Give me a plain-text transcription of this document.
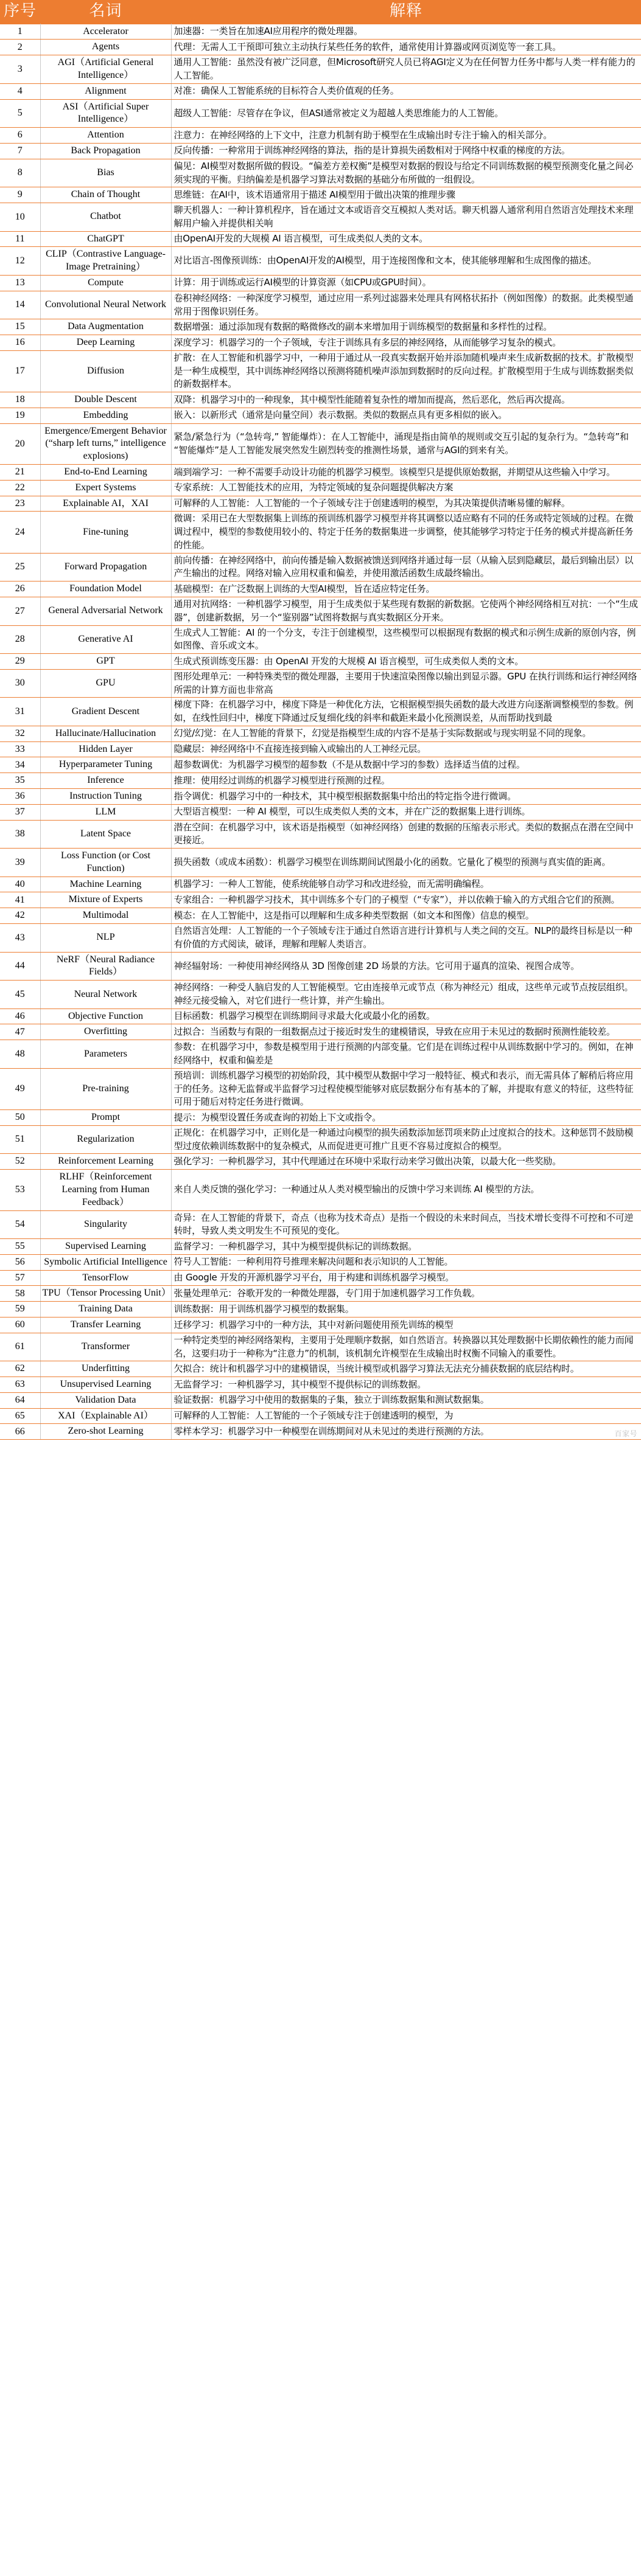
序号	名词	解释
1	Accelerator	加速器：一类旨在加速AI应用程序的微处理器。
2	Agents	代理：无需人工干预即可独立主动执行某些任务的软件，通常使用计算器或网页浏览等一套工具。
3	AGI（Artificial General Intelligence）	通用人工智能：虽然没有被广泛同意，但Microsoft研究人员已将AGI定义为在任何智力任务中都与人类一样有能力的人工智能。
4	Alignment	对准：确保人工智能系统的目标符合人类价值观的任务。
5	ASI（Artificial Super Intelligence）	超级人工智能：尽管存在争议，但ASI通常被定义为超越人类思维能力的人工智能。
6	Attention	注意力：在神经网络的上下文中，注意力机制有助于模型在生成输出时专注于输入的相关部分。
7	Back Propagation	反向传播：一种常用于训练神经网络的算法，指的是计算损失函数相对于网络中权重的梯度的方法。
8	Bias	偏见：AI模型对数据所做的假设。“偏差方差权衡”是模型对数据的假设与给定不同训练数据的模型预测变化量之间必须实现的平衡。归纳偏差是机器学习算法对数据的基础分布所做的一组假设。
9	Chain of Thought	思维链：在AI中，该术语通常用于描述 AI模型用于做出决策的推理步骤
10	Chatbot	聊天机器人：一种计算机程序，旨在通过文本或语音交互模拟人类对话。聊天机器人通常利用自然语言处理技术来理解用户输入并提供相关响
11	ChatGPT	由OpenAI开发的大规模 AI 语言模型，可生成类似人类的文本。
12	CLIP（Contrastive Language-Image Pretraining）	对比语言-图像预训练：由OpenAI开发的AI模型，用于连接图像和文本，使其能够理解和生成图像的描述。
13	Compute	计算：用于训练或运行AI模型的计算资源（如CPU或GPU时间）。
14	Convolutional Neural Network	卷积神经网络：一种深度学习模型，通过应用一系列过滤器来处理具有网格状拓扑（例如图像）的数据。此类模型通常用于图像识别任务。
15	Data Augmentation	数据增强：通过添加现有数据的略微修改的副本来增加用于训练模型的数据量和多样性的过程。
16	Deep Learning	深度学习：机器学习的一个子领域，专注于训练具有多层的神经网络，从而能够学习复杂的模式。
17	Diffusion	扩散：在人工智能和机器学习中，一种用于通过从一段真实数据开始并添加随机噪声来生成新数据的技术。扩散模型是一种生成模型，其中训练神经网络以预测将随机噪声添加到数据时的反向过程。扩散模型用于生成与训练数据类似的新数据样本。
18	Double Descent	双降：机器学习中的一种现象，其中模型性能随着复杂性的增加而提高，然后恶化，然后再次提高。
19	Embedding	嵌入：以新形式（通常是向量空间）表示数据。类似的数据点具有更多相似的嵌入。
20	Emergence/Emergent Behavior (“sharp left turns,” intelligence explosions)	紧急/紧急行为（“急转弯,” 智能爆炸）：在人工智能中，涌现是指由简单的规则或交互引起的复杂行为。“急转弯”和“智能爆炸”是人工智能发展突然发生剧烈转变的推测性场景，通常与AGI的到来有关。
21	End-to-End Learning	端到端学习：一种不需要手动设计功能的机器学习模型。该模型只是提供原始数据，并期望从这些输入中学习。
22	Expert Systems	专家系统：人工智能技术的应用，为特定领域的复杂问题提供解决方案
23	Explainable AI，XAI	可解释的人工智能：人工智能的一个子领域专注于创建透明的模型，为其决策提供清晰易懂的解释。
24	Fine-tuning	微调：采用已在大型数据集上训练的预训练机器学习模型并将其调整以适应略有不同的任务或特定领域的过程。在微调过程中，模型的参数使用较小的、特定于任务的数据集进一步调整，使其能够学习特定于任务的模式并提高新任务的性能。
25	Forward Propagation	前向传播：在神经网络中，前向传播是输入数据被馈送到网络并通过每一层（从输入层到隐藏层，最后到输出层）以产生输出的过程。网络对输入应用权重和偏差，并使用激活函数生成最终输出。
26	Foundation Model	基础模型：在广泛数据上训练的大型AI模型，旨在适应特定任务。
27	General Adversarial Network	通用对抗网络：一种机器学习模型，用于生成类似于某些现有数据的新数据。它使两个神经网络相互对抗：一个“生成器”，创建新数据，另一个“鉴别器”试图将数据与真实数据区分开来。
28	Generative AI	生成式人工智能：AI 的一个分支，专注于创建模型，这些模型可以根据现有数据的模式和示例生成新的原创内容，例如图像、音乐或文本。
29	GPT	生成式预训练变压器：由 OpenAI 开发的大规模 AI 语言模型，可生成类似人类的文本。
30	GPU	图形处理单元：一种特殊类型的微处理器，主要用于快速渲染图像以输出到显示器。GPU 在执行训练和运行神经网络所需的计算方面也非常高
31	Gradient Descent	梯度下降：在机器学习中，梯度下降是一种优化方法，它根据模型损失函数的最大改进方向逐渐调整模型的参数。例如，在线性回归中，梯度下降通过反复细化线的斜率和截距来最小化预测误差，从而帮助找到最
32	Hallucinate/Hallucination	幻觉/幻觉：在人工智能的背景下，幻觉是指模型生成的内容不是基于实际数据或与现实明显不同的现象。
33	Hidden Layer	隐藏层：神经网络中不直接连接到输入或输出的人工神经元层。
34	Hyperparameter Tuning	超参数调优：为机器学习模型的超参数（不是从数据中学习的参数）选择适当值的过程。
35	Inference	推理：使用经过训练的机器学习模型进行预测的过程。
36	Instruction Tuning	指令调优：机器学习中的一种技术，其中模型根据数据集中给出的特定指令进行微调。
37	LLM	大型语言模型：一种 AI 模型，可以生成类似人类的文本，并在广泛的数据集上进行训练。
38	Latent Space	潜在空间：在机器学习中，该术语是指模型（如神经网络）创建的数据的压缩表示形式。类似的数据点在潜在空间中更接近。
39	Loss Function (or Cost Function)	损失函数（或成本函数）：机器学习模型在训练期间试图最小化的函数。它量化了模型的预测与真实值的距离。
40	Machine Learning	机器学习：一种人工智能，使系统能够自动学习和改进经验，而无需明确编程。
41	Mixture of Experts	专家组合：一种机器学习技术，其中训练多个专门的子模型（“专家”），并以依赖于输入的方式组合它们的预测。
42	Multimodal	模态：在人工智能中，这是指可以理解和生成多种类型数据（如文本和图像）信息的模型。
43	NLP	自然语言处理：人工智能的一个子领域专注于通过自然语言进行计算机与人类之间的交互。NLP的最终目标是以一种有价值的方式阅读，破译，理解和理解人类语言。
44	NeRF（Neural Radiance Fields）	神经辐射场：一种使用神经网络从 3D 图像创建 2D 场景的方法。它可用于逼真的渲染、视图合成等。
45	Neural Network	神经网络：一种受人脑启发的人工智能模型。它由连接单元或节点（称为神经元）组成，这些单元或节点按层组织。神经元接受输入，对它们进行一些计算，并产生输出。
46	Objective Function	目标函数：机器学习模型在训练期间寻求最大化或最小化的函数。
47	Overfitting	过拟合：当函数与有限的一组数据点过于接近时发生的建模错误，导致在应用于未见过的数据时预测性能较差。
48	Parameters	参数：在机器学习中，参数是模型用于进行预测的内部变量。它们是在训练过程中从训练数据中学习的。例如，在神经网络中，权重和偏差是
49	Pre-training	预培训：训练机器学习模型的初始阶段，其中模型从数据中学习一般特征、模式和表示，而无需具体了解稍后将应用于的任务。这种无监督或半监督学习过程使模型能够对底层数据分布有基本的了解，并提取有意义的特征，这些特征可用于随后对特定任务进行微调。
50	Prompt	提示：为模型设置任务或查询的初始上下文或指令。
51	Regularization	正规化：在机器学习中，正则化是一种通过向模型的损失函数添加惩罚项来防止过度拟合的技术。这种惩罚不鼓励模型过度依赖训练数据中的复杂模式，从而促进更可推广且更不容易过度拟合的模型。
52	Reinforcement Learning	强化学习：一种机器学习，其中代理通过在环境中采取行动来学习做出决策，以最大化一些奖励。
53	RLHF（Reinforcement Learning from Human Feedback）	来自人类反馈的强化学习：一种通过从人类对模型输出的反馈中学习来训练 AI 模型的方法。
54	Singularity	奇异：在人工智能的背景下，奇点（也称为技术奇点）是指一个假设的未来时间点，当技术增长变得不可控和不可逆转时，导致人类文明发生不可预见的变化。
55	Supervised Learning	监督学习：一种机器学习，其中为模型提供标记的训练数据。
56	Symbolic Artificial Intelligence	符号人工智能：一种利用符号推理来解决问题和表示知识的人工智能。
57	TensorFlow	由 Google 开发的开源机器学习平台，用于构建和训练机器学习模型。
58	TPU（Tensor Processing Unit）	张量处理单元：谷歌开发的一种微处理器，专门用于加速机器学习工作负载。
59	Training Data	训练数据：用于训练机器学习模型的数据集。
60	Transfer Learning	迁移学习：机器学习中的一种方法，其中对新问题使用预先训练的模型
61	Transformer	一种特定类型的神经网络架构，主要用于处理顺序数据，如自然语言。转换器以其处理数据中长期依赖性的能力而闻名，这要归功于一种称为“注意力”的机制，该机制允许模型在生成输出时权衡不同输入的重要性。
62	Underfitting	欠拟合：统计和机器学习中的建模错误，当统计模型或机器学习算法无法充分捕获数据的底层结构时。
63	Unsupervised Learning	无监督学习：一种机器学习，其中模型不提供标记的训练数据。
64	Validation Data	验证数据：机器学习中使用的数据集的子集，独立于训练数据集和测试数据集。
65	XAI（Explainable AI）	可解释的人工智能：人工智能的一个子领域专注于创建透明的模型，为
66	Zero-shot Learning	零样本学习：机器学习中一种模型在训练期间对从未见过的类进行预测的方法。	百家号
